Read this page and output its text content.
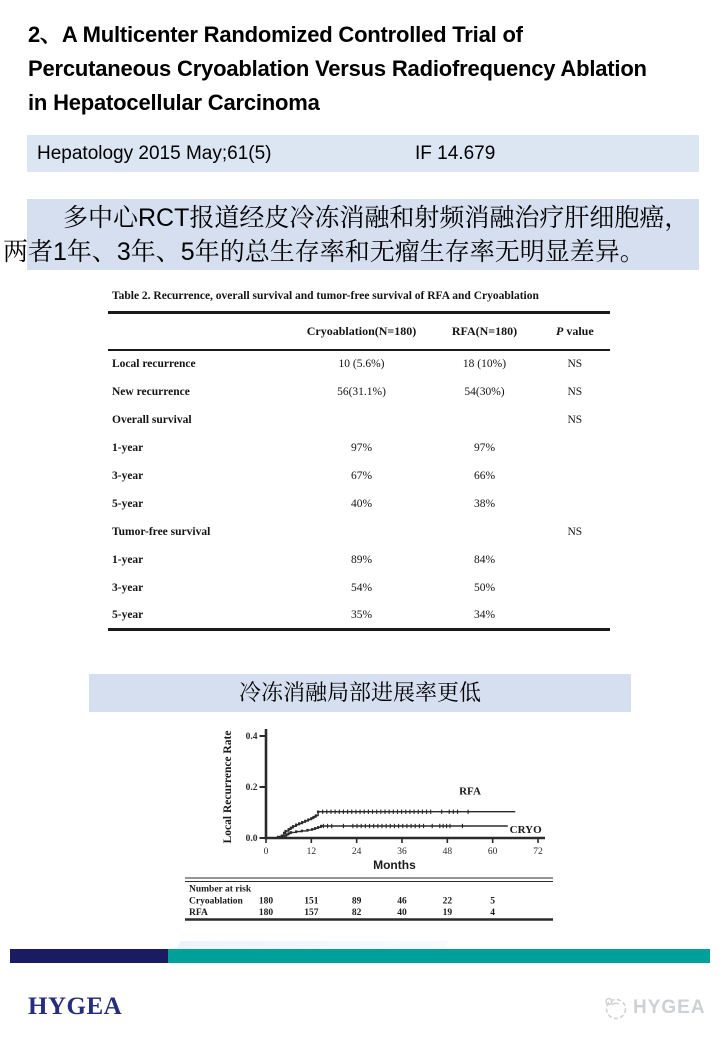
2、A Multicenter Randomized Controlled Trial of
Percutaneous Cryoablation Versus Radiofrequency Ablation
in Hepatocellular Carcinoma
Hepatology 2015 May;61(5)	IF 14.679
多中心RCT报道经皮冷冻消融和射频消融治疗肝细胞癌，
两者1年、3年、5年的总生存率和无瘤生存率无明显差异。
Table 2. Recurrence, overall survival and tumor-free survival of RFA and Cryoablation
	Cryoablation(N=180)	RFA(N=180)	P value
Local recurrence	10 (5.6%)	18 (10%)	NS
New recurrence	56(31.1%)	54(30%)	NS
Overall survival			NS
1-year	97%	97%	
3-year	67%	66%	
5-year	40%	38%	
Tumor-free survival			NS
1-year	89%	84%	
3-year	54%	50%	
5-year	35%	34%	
冷冻消融局部进展率更低
0.0
0.2
0.4
0	12	24	36	48	60	72
Months
Local Recurrence Rate	RFA
CRYO
Number at risk
Cryoablation 180	151	89	46	22	5
RFA	180	157	82	40	19	4
HYGEA	HYGEA
